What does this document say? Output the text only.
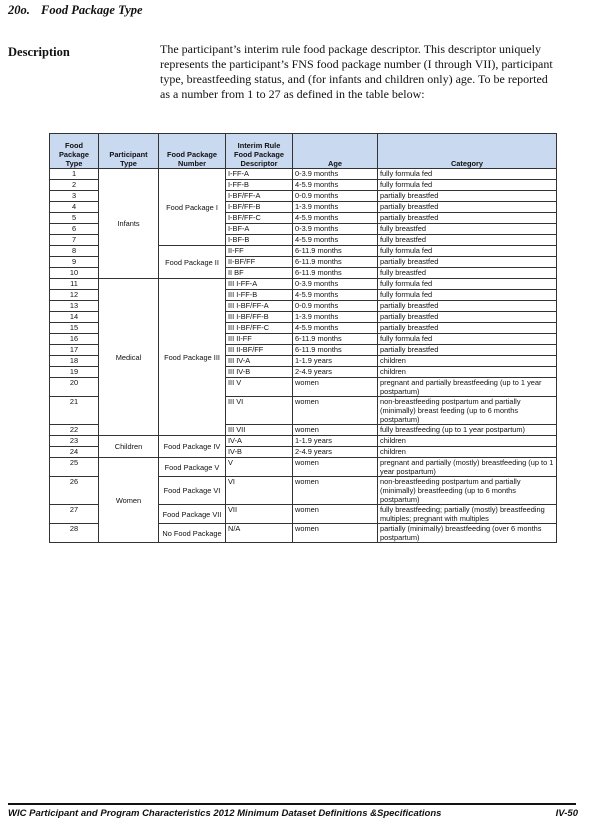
20o. Food Package Type
Description	The participant’s interim rule food package descriptor. This descriptor uniquely represents the participant’s FNS food package number (I through VII), participant type, breastfeeding status, and (for infants and children only) age. To be reported as a number from 1 to 27 as defined in the table below:
Food Package Type	Participant Type	Food Package Number	Interim Rule Food Package Descriptor	Age	Category
1	Infants	Food Package I	I-FF-A	0-3.9 months	fully formula fed
2			I-FF-B	4-5.9 months	fully formula fed
3			I-BF/FF-A	0-0.9 months	partially breastfed
4			I-BF/FF-B	1-3.9 months	partially breastfed
5			I-BF/FF-C	4-5.9 months	partially breastfed
6			I-BF-A	0-3.9 months	fully breastfed
7			I-BF-B	4-5.9 months	fully breastfed
8		Food Package II	II-FF	6-11.9 months	fully formula fed
9			II-BF/FF	6-11.9 months	partially breastfed
10			II BF	6-11.9 months	fully breastfed
11	Medical	Food Package III	III I-FF-A	0-3.9 months	fully formula fed
12			III I-FF-B	4-5.9 months	fully formula fed
13			III I-BF/FF-A	0-0.9 months	partially breastfed
14			III I-BF/FF-B	1-3.9 months	partially breastfed
15			III I-BF/FF-C	4-5.9 months	partially breastfed
16			III II-FF	6-11.9 months	fully formula fed
17			III II-BF/FF	6-11.9 months	partially breastfed
18			III IV-A	1-1.9 years	children
19			III IV-B	2-4.9 years	children
20			III V	women	pregnant and partially breastfeeding (up to 1 year postpartum)
21			III VI	women	non-breastfeeding postpartum and partially (minimally) breast feeding (up to 6 months postpartum)
22			III VII	women	fully breastfeeding (up to 1 year postpartum)
23	Children	Food Package IV	IV-A	1-1.9 years	children
24			IV-B	2-4.9 years	children
25	Women	Food Package V	V	women	pregnant and partially (mostly) breastfeeding (up to 1 year postpartum)
26		Food Package VI	VI	women	non-breastfeeding postpartum and partially (minimally) breastfeeding (up to 6 months postpartum)
27		Food Package VII	VII	women	fully breastfeeding; partially (mostly) breastfeeding multiples; pregnant with multiples
28		No Food Package	N/A	women	partially (minimally) breastfeeding (over 6 months postpartum)
WIC Participant and Program Characteristics 2012 Minimum Dataset Definitions &Specifications	IV-50
